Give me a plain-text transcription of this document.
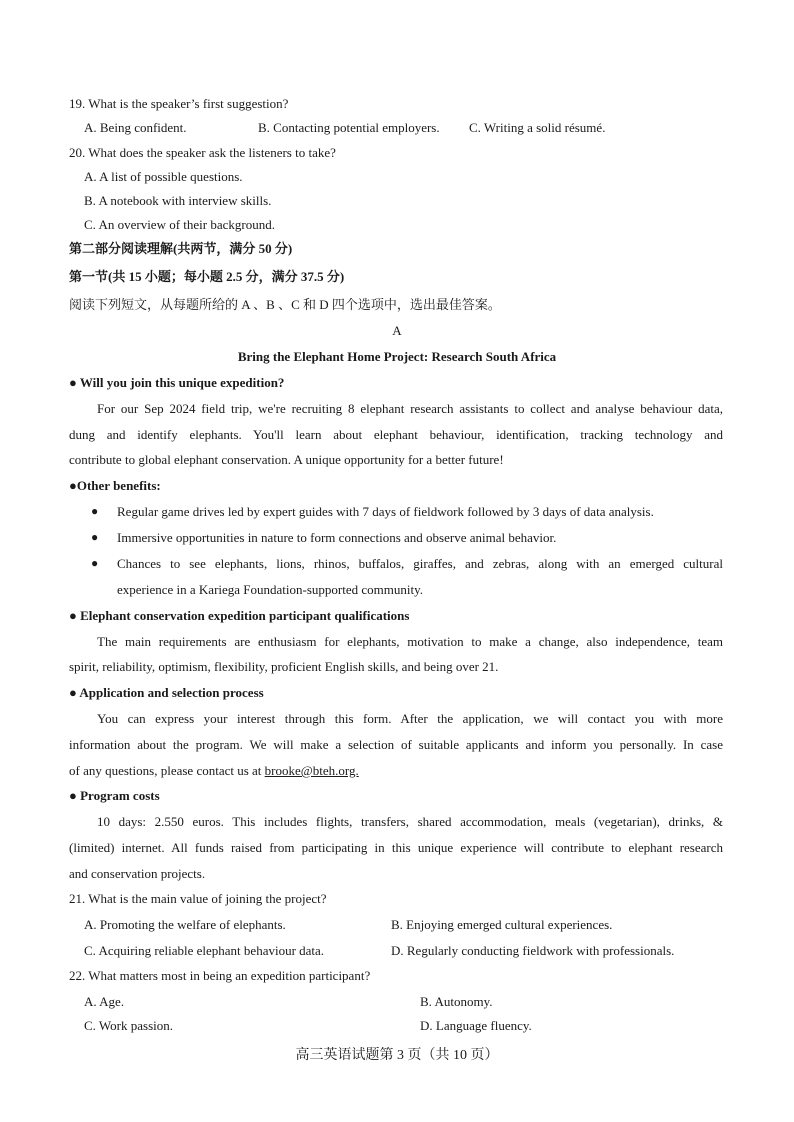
19. What is the speaker’s first suggestion?
A. Being confident.	B. Contacting potential employers. C. Writing a solid résumé.
20. What does the speaker ask the listeners to take?
A. A list of possible questions.
B. A notebook with interview skills.
C. An overview of their background.
第二部分阅读理解(共两节，满分 50 分)
第一节(共 15 小题；每小题 2.5 分，满分 37.5 分)
阅读下列短文，从每题所给的 A 、B 、C 和 D 四个选项中，选出最佳答案。
A
Bring the Elephant Home Project: Research South Africa
● Will you join this unique expedition?
For our Sep 2024 field trip, we're recruiting 8 elephant research assistants to collect and analyse behaviour data,
dung and identify elephants. You'll learn about elephant behaviour, identification, tracking technology and
contribute to global elephant conservation. A unique opportunity for a better future!
●Other benefits:
● Regular game drives led by expert guides with 7 days of fieldwork followed by 3 days of data analysis.
● Immersive opportunities in nature to form connections and observe animal behavior.
● Chances to see elephants, lions, rhinos, buffalos, giraffes, and zebras, along with an emerged cultural
experience in a Kariega Foundation-supported community.
● Elephant conservation expedition participant qualifications
The main requirements are enthusiasm for elephants, motivation to make a change, also independence, team
spirit, reliability, optimism, flexibility, proficient English skills, and being over 21.
● Application and selection process
You can express your interest through this form. After the application, we will contact you with more
information about the program. We will make a selection of suitable applicants and inform you personally. In case
of any questions, please contact us at brooke@bteh.org.
● Program costs
10 days: 2.550 euros. This includes flights, transfers, shared accommodation, meals (vegetarian), drinks, &
(limited) internet. All funds raised from participating in this unique experience will contribute to elephant research
and conservation projects.
21. What is the main value of joining the project?
A. Promoting the welfare of elephants.	B. Enjoying emerged cultural experiences.
C. Acquiring reliable elephant behaviour data.	D. Regularly conducting fieldwork with professionals.
22. What matters most in being an expedition participant?
A. Age.	B. Autonomy.
C. Work passion.	D. Language fluency.
高三英语试题第 3 页（共 10 页）
